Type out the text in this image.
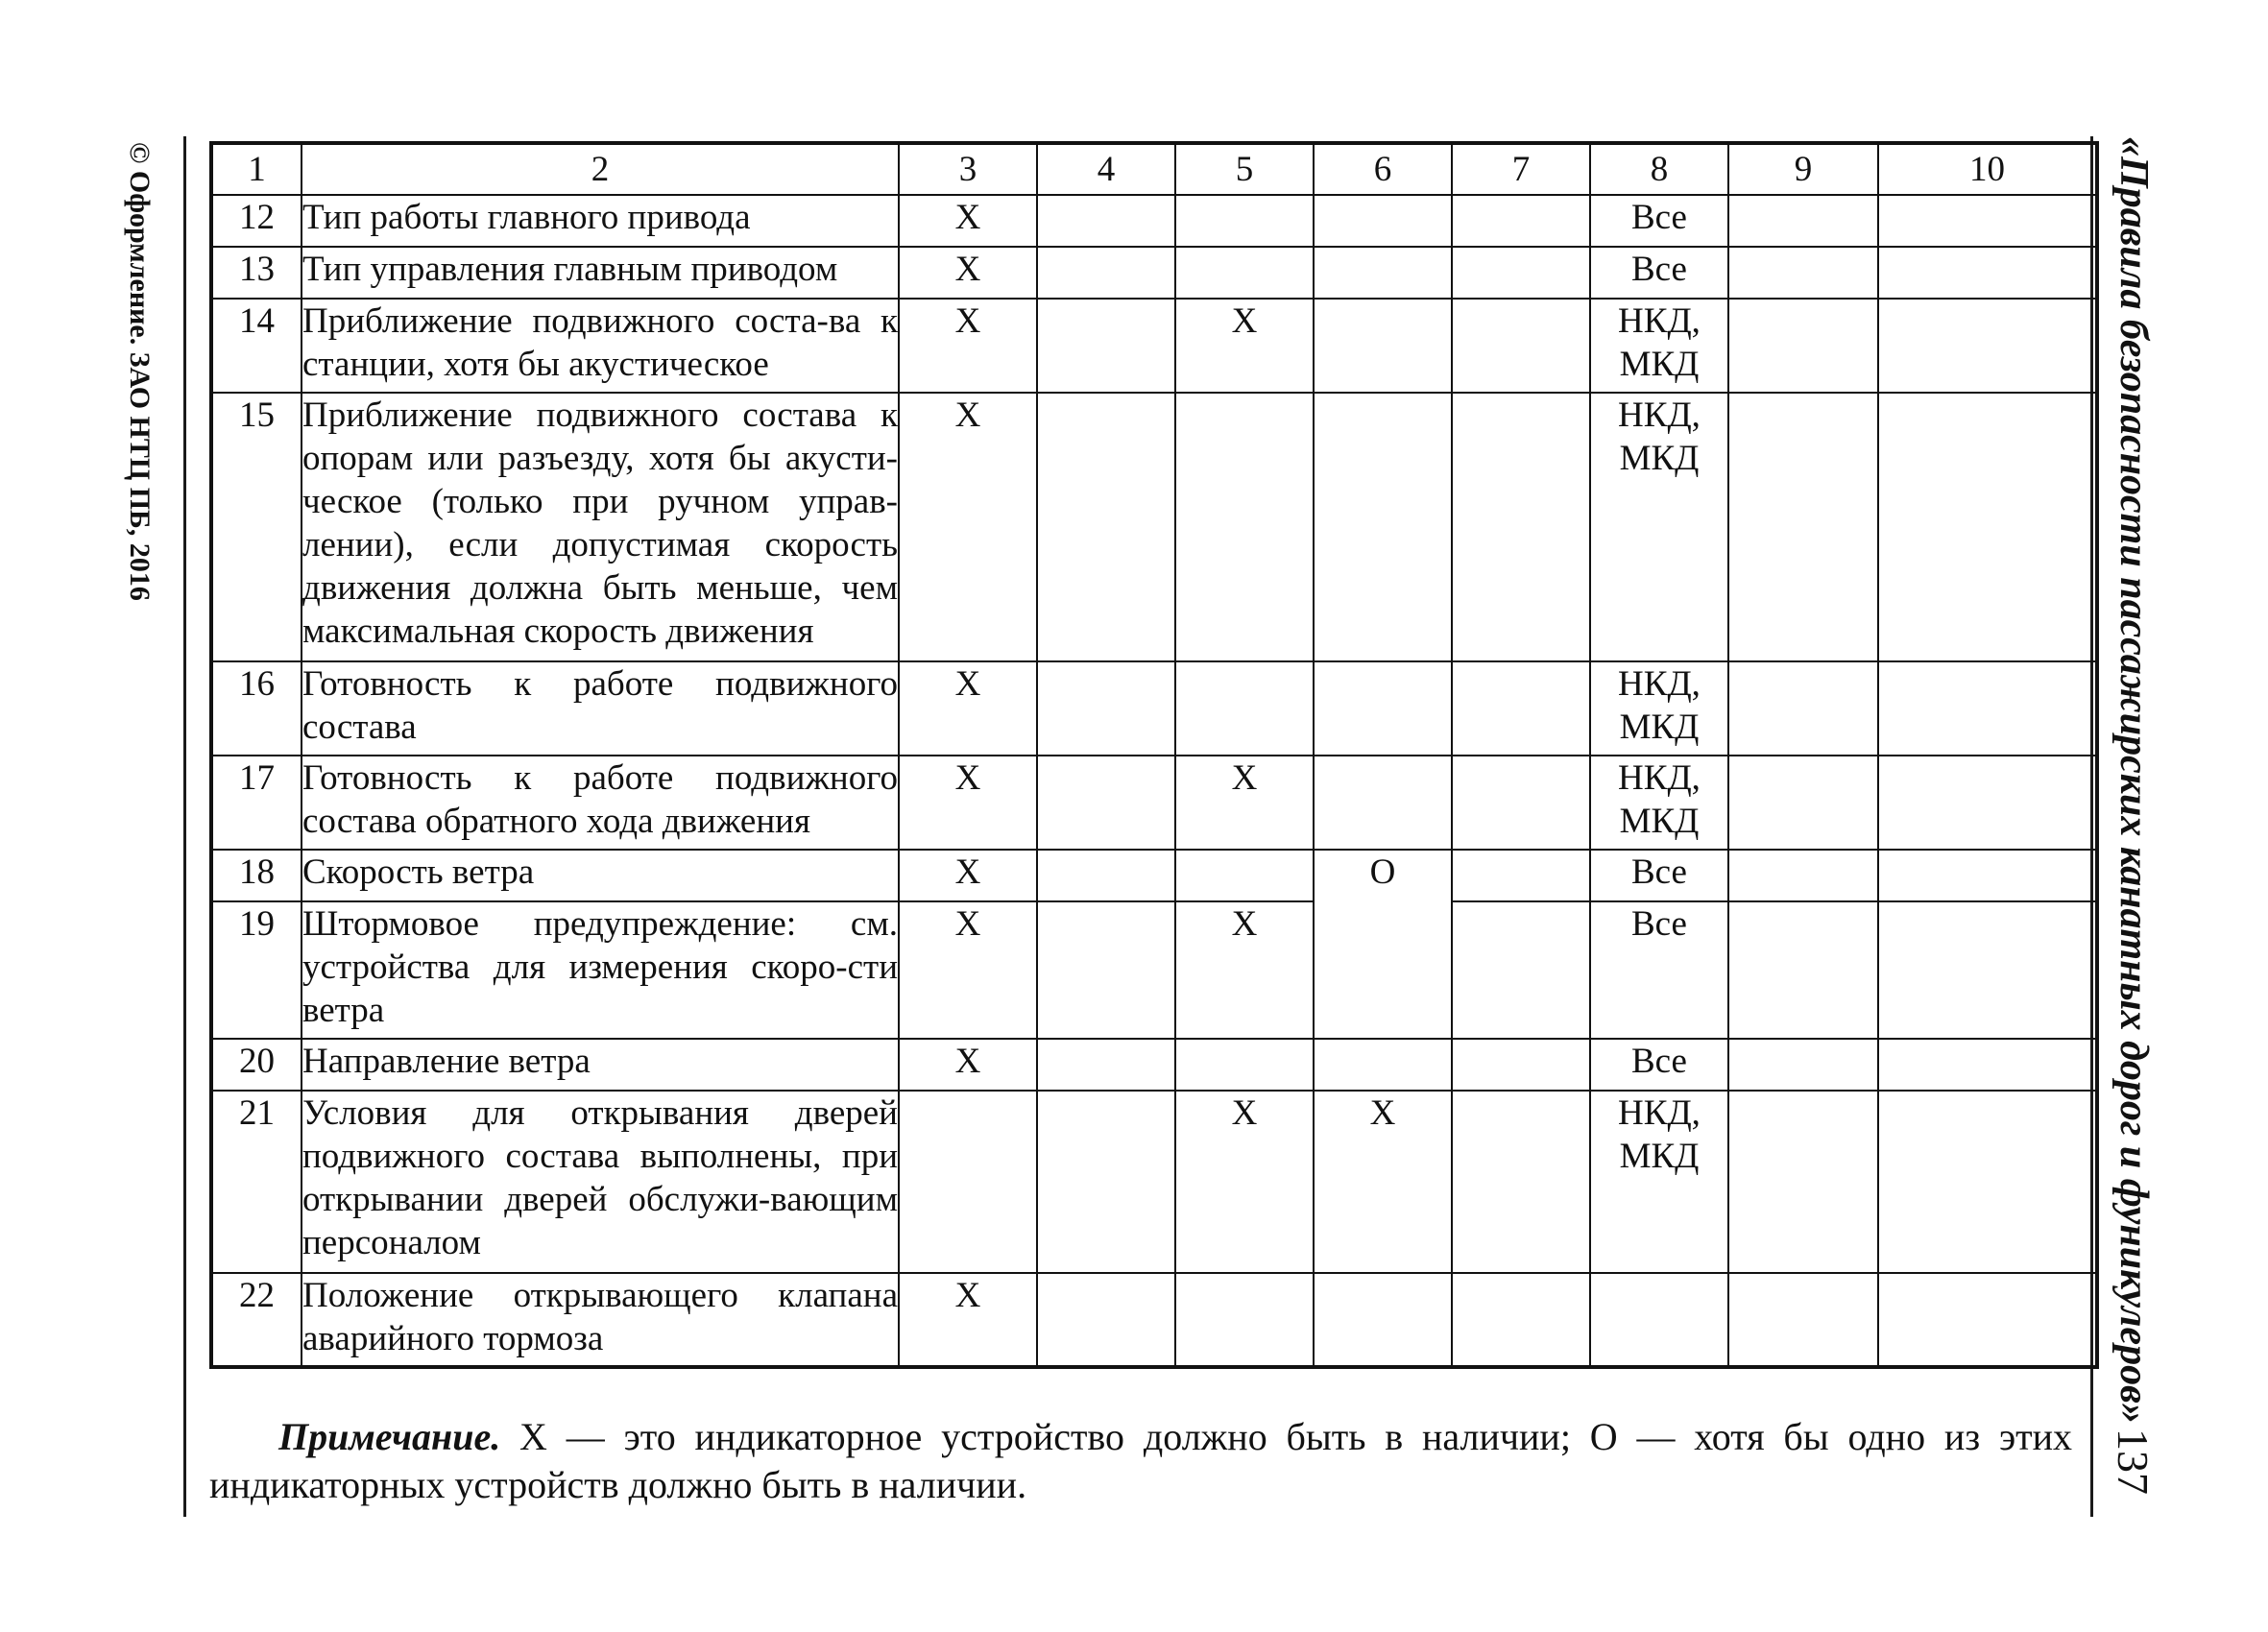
© Оформление. ЗАО НТЦ ПБ, 2016	«Правила безопасности пассажирских канатных дорог и фуникулеров»
137
1	2	3	4	5	6	7	8	9	10
12	Тип работы главного привода	X					Все		
13	Тип управления главным приводом	X					Все		
14	Приближение подвижного соста-ва к станции, хотя бы акустическое	X		X			НКД, МКД		
15	Приближение подвижного состава к опорам или разъезду, хотя бы акусти-ческое (только при ручном управ-лении), если допустимая скорость движения должна быть меньше, чем максимальная скорость движения	X					НКД, МКД		
16	Готовность к работе подвижного состава	X					НКД, МКД		
17	Готовность к работе подвижного состава обратного хода движения	X		X			НКД, МКД		
18	Скорость ветра	X			O		Все		
19	Штормовое предупреждение: см. устройства для измерения скоро-сти ветра	X		X			Все		
20	Направление ветра	X					Все		
21	Условия для открывания дверей подвижного состава выполнены, при открывании дверей обслужи-вающим персоналом			X	X		НКД, МКД		
22	Положение открывающего клапана аварийного тормоза	X							
Примечание. X — это индикаторное устройство должно быть в наличии; O — хотя бы одно из этих индикаторных устройств должно быть в наличии.
